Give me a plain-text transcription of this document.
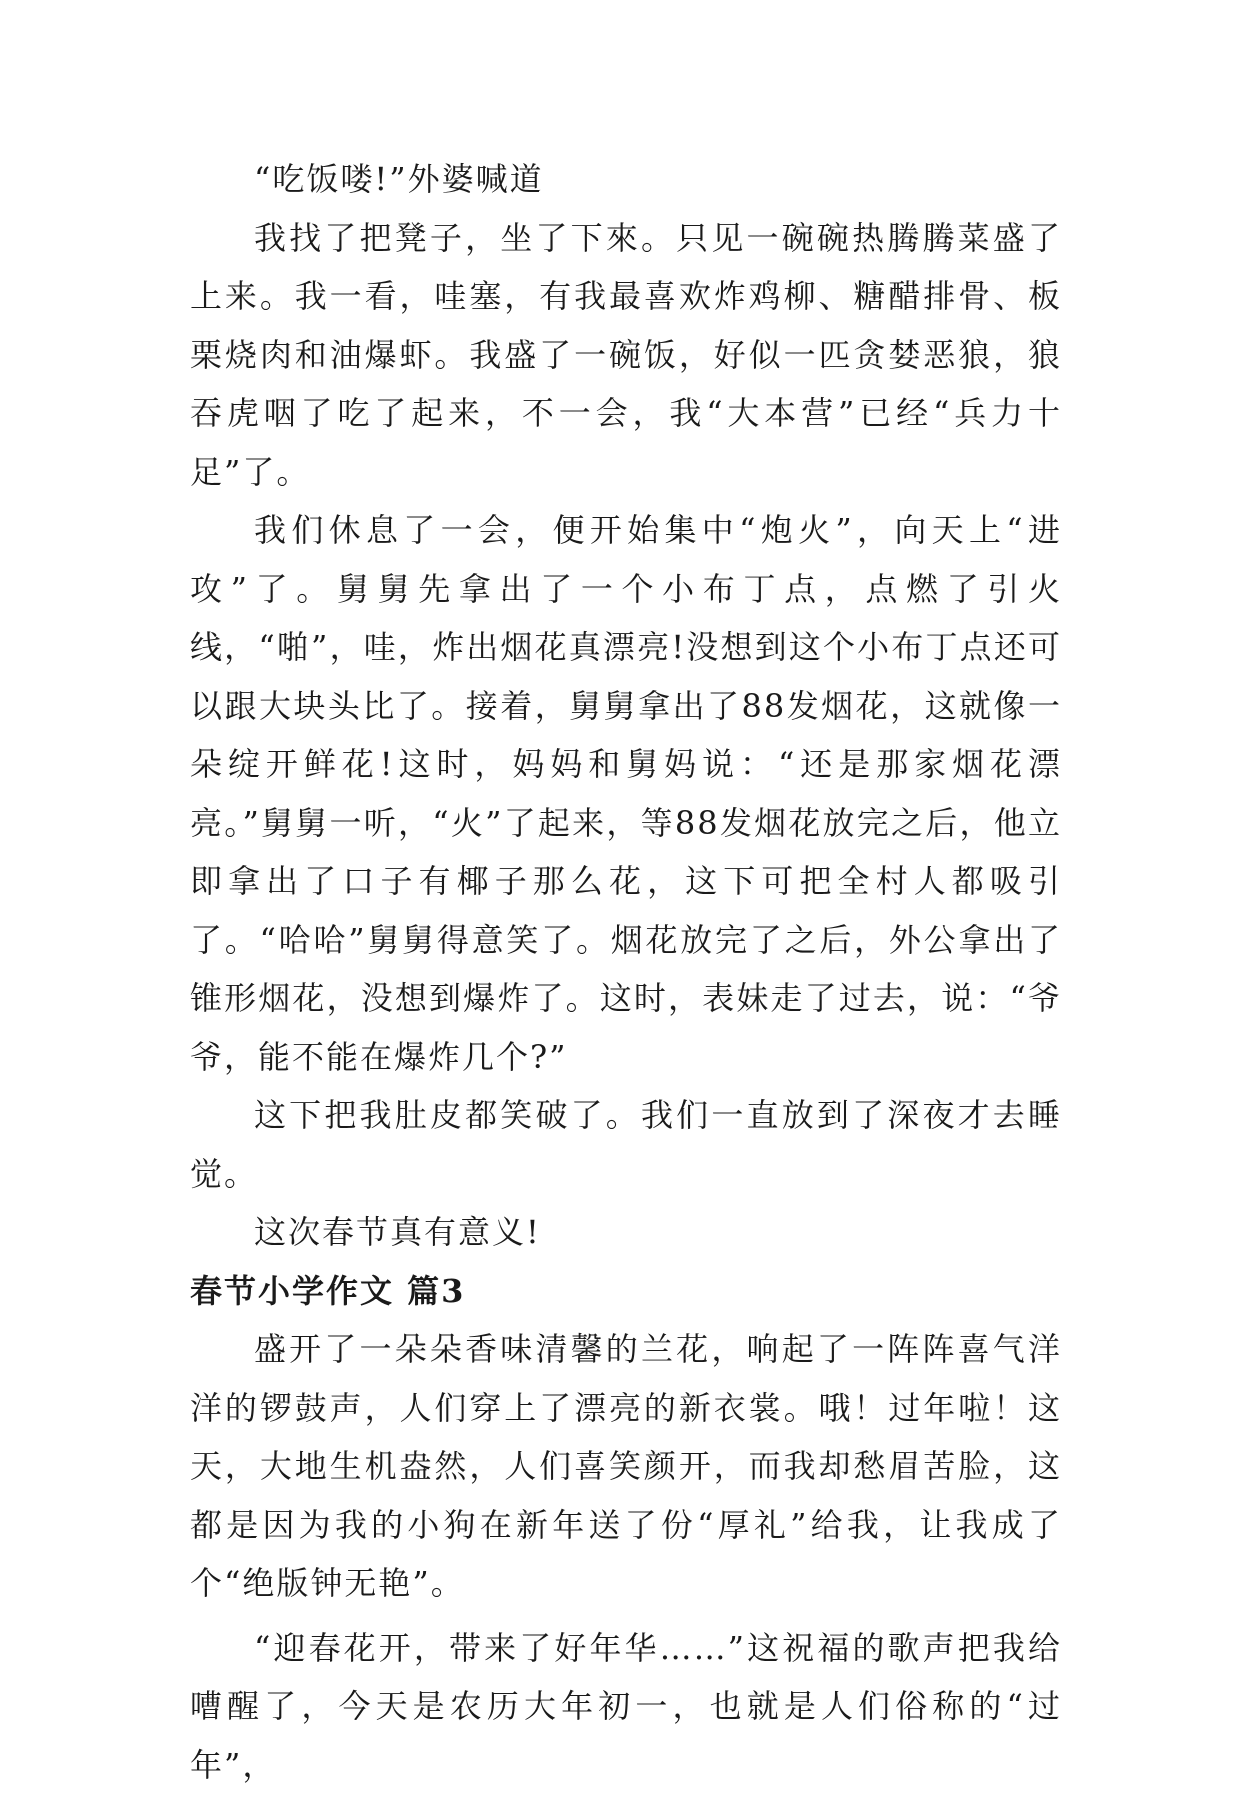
“吃饭喽!”外婆喊道

我找了把凳子，坐了下來。只见一碗碗热腾腾菜盛了上来。我一看，哇塞，有我最喜欢炸鸡柳、糖醋排骨、板栗烧肉和油爆虾。我盛了一碗饭，好似一匹贪婪恶狼，狼吞虎咽了吃了起来，不一会，我“大本营”已经“兵力十足”了。

我们休息了一会，便开始集中“炮火”，向天上“进攻”了。舅舅先拿出了一个小布丁点，点燃了引火线，“啪”，哇，炸出烟花真漂亮!没想到这个小布丁点还可以跟大块头比了。接着，舅舅拿出了88发烟花，这就像一朵绽开鲜花!这时，妈妈和舅妈说：“还是那家烟花漂亮。”舅舅一听，“火”了起来，等88发烟花放完之后，他立即拿出了口子有椰子那么花，这下可把全村人都吸引了。“哈哈”舅舅得意笑了。烟花放完了之后，外公拿出了锥形烟花，没想到爆炸了。这时，表妹走了过去，说：“爷爷，能不能在爆炸几个?”

这下把我肚皮都笑破了。我们一直放到了深夜才去睡觉。

这次春节真有意义!

春节小学作文 篇3

盛开了一朵朵香味清馨的兰花，响起了一阵阵喜气洋洋的锣鼓声，人们穿上了漂亮的新衣裳。哦！过年啦！这天，大地生机盎然，人们喜笑颜开，而我却愁眉苦脸，这都是因为我的小狗在新年送了份“厚礼”给我，让我成了个“绝版钟无艳”。

“迎春花开，带来了好年华……”这祝福的歌声把我给嘈醒了，今天是农历大年初一，也就是人们俗称的“过年”，
